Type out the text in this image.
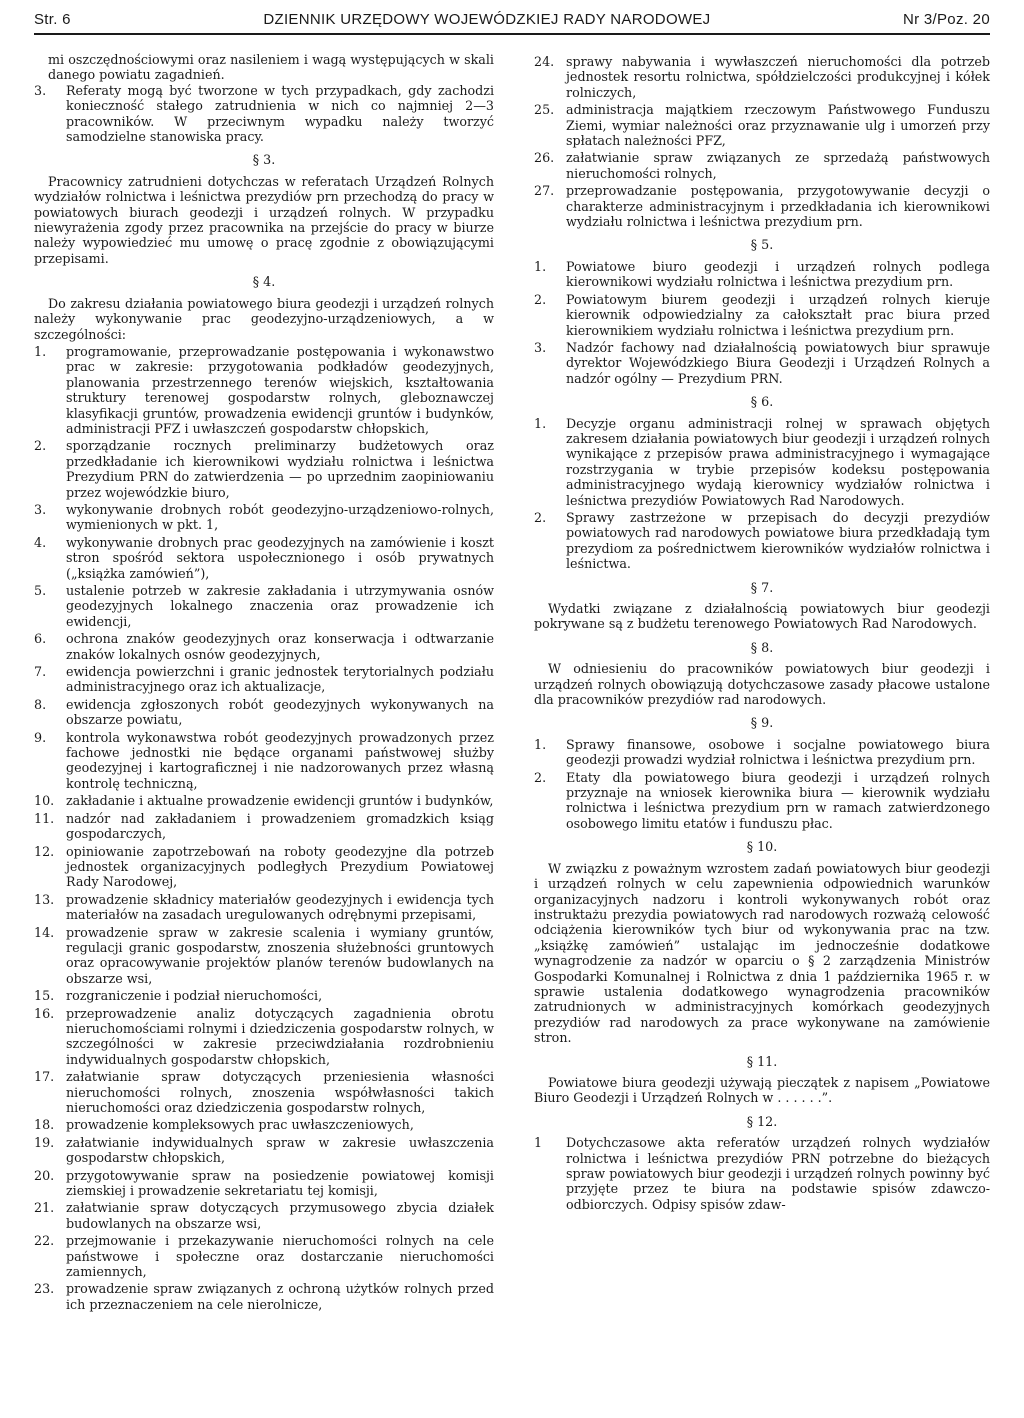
Str. 6	DZIENNIK URZĘDOWY WOJEWÓDZKIEJ RADY NARODOWEJ	Nr 3/Poz. 20

mi oszczędnościowymi oraz nasileniem i wagą występujących w skali danego powiatu zagadnień.

3.	Referaty mogą być tworzone w tych przypadkach, gdy zachodzi konieczność stałego zatrudnienia w nich co najmniej 2—3 pracowników. W przeciwnym wypadku należy tworzyć samodzielne stanowiska pracy.
§ 3.

Pracownicy zatrudnieni dotychczas w referatach Urządzeń Rolnych wydziałów rolnictwa i leśnictwa prezydiów prn przechodzą do pracy w powiatowych biurach geodezji i urządzeń rolnych. W przypadku niewyrażenia zgody przez pracownika na przejście do pracy w biurze należy wypowiedzieć mu umowę o pracę zgodnie z obowiązującymi przepisami.

§ 4.

Do zakresu działania powiatowego biura geodezji i urządzeń rolnych należy wykonywanie prac geodezyjno-urządzeniowych, a w szczególności:

1.	programowanie, przeprowadzanie postępowania i wykonawstwo prac w zakresie: przygotowania podkładów geodezyjnych, planowania przestrzennego terenów wiejskich, kształtowania struktury terenowej gospodarstw rolnych, gleboznawczej klasyfikacji gruntów, prowadzenia ewidencji gruntów i budynków, administracji PFZ i uwłaszczeń gospodarstw chłopskich,
2.	sporządzanie rocznych preliminarzy budżetowych oraz przedkładanie ich kierownikowi wydziału rolnictwa i leśnictwa Prezydium PRN do zatwierdzenia — po uprzednim zaopiniowaniu przez wojewódzkie biuro,
3.	wykonywanie drobnych robót geodezyjno-urządzeniowo-rolnych, wymienionych w pkt. 1,
4.	wykonywanie drobnych prac geodezyjnych na zamówienie i koszt stron spośród sektora uspołecznionego i osób prywatnych („książka zamówień”),
5.	ustalenie potrzeb w zakresie zakładania i utrzymywania osnów geodezyjnych lokalnego znaczenia oraz prowadzenie ich ewidencji,
6.	ochrona znaków geodezyjnych oraz konserwacja i odtwarzanie znaków lokalnych osnów geodezyjnych,
7.	ewidencja powierzchni i granic jednostek terytorialnych podziału administracyjnego oraz ich aktualizacje,
8.	ewidencja zgłoszonych robót geodezyjnych wykonywanych na obszarze powiatu,
9.	kontrola wykonawstwa robót geodezyjnych prowadzonych przez fachowe jednostki nie będące organami państwowej służby geodezyjnej i kartograficznej i nie nadzorowanych przez własną kontrolę techniczną,
10. zakładanie i aktualne prowadzenie ewidencji gruntów i budynków,
11. nadzór nad zakładaniem i prowadzeniem gromadzkich ksiąg gospodarczych,
12. opiniowanie zapotrzebowań na roboty geodezyjne dla potrzeb jednostek organizacyjnych podległych Prezydium Powiatowej Rady Narodowej,
13. prowadzenie składnicy materiałów geodezyjnych i ewidencja tych materiałów na zasadach uregulowanych odrębnymi przepisami,
14. prowadzenie spraw w zakresie scalenia i wymiany gruntów, regulacji granic gospodarstw, znoszenia służebności gruntowych oraz opracowywanie projektów planów terenów budowlanych na obszarze wsi,
15. rozgraniczenie i podział nieruchomości,
16. przeprowadzenie analiz dotyczących zagadnienia obrotu nieruchomościami rolnymi i dziedziczenia gospodarstw rolnych, w szczególności w zakresie przeciwdziałania rozdrobnieniu indywidualnych gospodarstw chłopskich,
17. załatwianie spraw dotyczących przeniesienia własności nieruchomości rolnych, znoszenia współwłasności takich nieruchomości oraz dziedziczenia gospodarstw rolnych,
18. prowadzenie kompleksowych prac uwłaszczeniowych,
19. załatwianie indywidualnych spraw w zakresie uwłaszczenia gospodarstw chłopskich,
20. przygotowywanie spraw na posiedzenie powiatowej komisji ziemskiej i prowadzenie sekretariatu tej komisji,
21. załatwianie spraw dotyczących przymusowego zbycia działek budowlanych na obszarze wsi,
22. przejmowanie i przekazywanie nieruchomości rolnych na cele państwowe i społeczne oraz dostarczanie nieruchomości zamiennych,
23. prowadzenie spraw związanych z ochroną użytków rolnych przed ich przeznaczeniem na cele nierolnicze,
24. sprawy nabywania i wywłaszczeń nieruchomości dla potrzeb jednostek resortu rolnictwa, spółdzielczości produkcyjnej i kółek rolniczych,
25. administracja majątkiem rzeczowym Państwowego Funduszu Ziemi, wymiar należności oraz przyznawanie ulg i umorzeń przy spłatach należności PFZ,
26. załatwianie spraw związanych ze sprzedażą państwowych nieruchomości rolnych,
27. przeprowadzanie postępowania, przygotowywanie decyzji o charakterze administracyjnym i przedkładania ich kierownikowi wydziału rolnictwa i leśnictwa prezydium prn.
§ 5.
1.	Powiatowe biuro geodezji i urządzeń rolnych podlega kierownikowi wydziału rolnictwa i leśnictwa prezydium prn.
2.	Powiatowym biurem geodezji i urządzeń rolnych kieruje kierownik odpowiedzialny za całokształt prac biura przed kierownikiem wydziału rolnictwa i leśnictwa prezydium prn.
3.	Nadzór fachowy nad działalnością powiatowych biur sprawuje dyrektor Wojewódzkiego Biura Geodezji i Urządzeń Rolnych a nadzór ogólny — Prezydium PRN.
§ 6.
1.	Decyzje organu administracji rolnej w sprawach objętych zakresem działania powiatowych biur geodezji i urządzeń rolnych wynikające z przepisów prawa administracyjnego i wymagające rozstrzygania w trybie przepisów kodeksu postępowania administracyjnego wydają kierownicy wydziałów rolnictwa i leśnictwa prezydiów Powiatowych Rad Narodowych.
2.	Sprawy zastrzeżone w przepisach do decyzji prezydiów powiatowych rad narodowych powiatowe biura przedkładają tym prezydiom za pośrednictwem kierowników wydziałów rolnictwa i leśnictwa.
§ 7.

Wydatki związane z działalnością powiatowych biur geodezji pokrywane są z budżetu terenowego Powiatowych Rad Narodowych.

§ 8.

W odniesieniu do pracowników powiatowych biur geodezji i urządzeń rolnych obowiązują dotychczasowe zasady płacowe ustalone dla pracowników prezydiów rad narodowych.

§ 9.
1.	Sprawy finansowe, osobowe i socjalne powiatowego biura geodezji prowadzi wydział rolnictwa i leśnictwa prezydium prn.
2.	Etaty dla powiatowego biura geodezji i urządzeń rolnych przyznaje na wniosek kierownika biura — kierownik wydziału rolnictwa i leśnictwa prezydium prn w ramach zatwierdzonego osobowego limitu etatów i funduszu płac.
§ 10.

W związku z poważnym wzrostem zadań powiatowych biur geodezji i urządzeń rolnych w celu zapewnienia odpowiednich warunków organizacyjnych nadzoru i kontroli wykonywanych robót oraz instruktażu prezydia powiatowych rad narodowych rozważą celowość odciążenia kierowników tych biur od wykonywania prac na tzw. „książkę zamówień” ustalając im jednocześnie dodatkowe wynagrodzenie za nadzór w oparciu o § 2 zarządzenia Ministrów Gospodarki Komunalnej i Rolnictwa z dnia 1 października 1965 r. w sprawie ustalenia dodatkowego wynagrodzenia pracowników zatrudnionych w administracyjnych komórkach geodezyjnych prezydiów rad narodowych za prace wykonywane na zamówienie stron.

§ 11.

Powiatowe biura geodezji używają pieczątek z napisem „Powiatowe Biuro Geodezji i Urządzeń Rolnych w . . . . . .”.

§ 12.
1	Dotychczasowe akta referatów urządzeń rolnych wydziałów rolnictwa i leśnictwa prezydiów PRN potrzebne do bieżących spraw powiatowych biur geodezji i urządzeń rolnych powinny być przyjęte przez te biura na podstawie spisów zdawczo-odbiorczych. Odpisy spisów zdaw-
